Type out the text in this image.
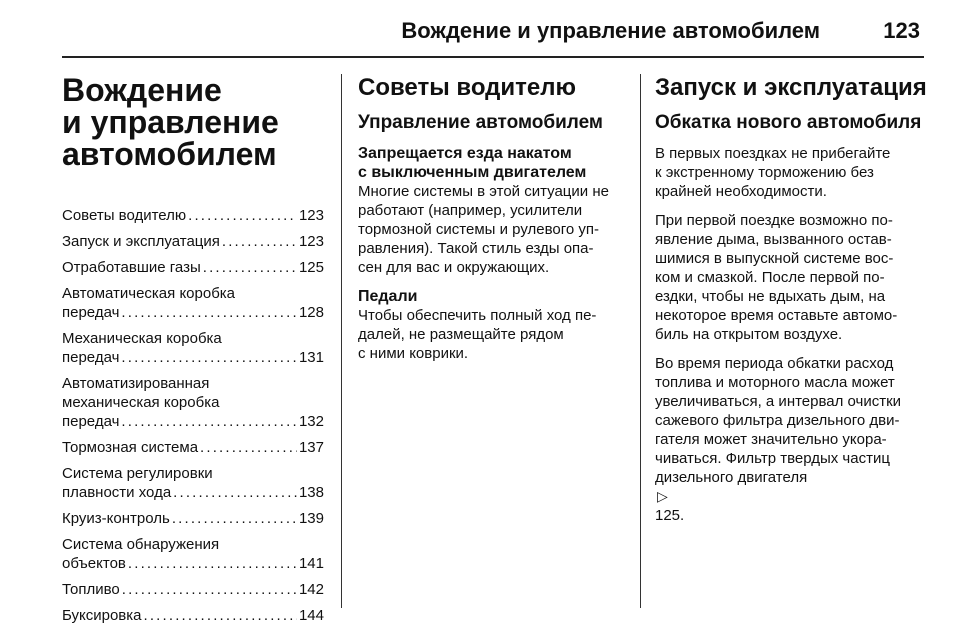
Вождение и управление автомобилем	123
Вождение
и управление
автомобилем
Советы водителю . . .	123
Запуск и эксплуатация . . .	123
Отработавшие газы . . .	125
Автоматическая коробка
передач . . .	128
Механическая коробка
передач . . .	131
Автоматизированная
механическая коробка
передач . . .	132
Тормозная система . . .	137
Система регулировки
плавности хода . . .	138
Круиз-контроль . . .	139
Система обнаружения
объектов . . .	141
Топливо . . .	142
Буксировка . . .	144
Советы водителю
Управление автомобилем
Запрещается езда накатом
с выключенным двигателем

Многие системы в этой ситуации не
работают (например, усилители
тормозной системы и рулевого уп-
равления). Такой стиль езды опа-
сен для вас и окружающих.

Педали

Чтобы обеспечить полный ход пе-
далей, не размещайте рядом
с ними коврики.

Запуск и эксплуатация
Обкатка нового автомобиля

В первых поездках не прибегайте
к экстренному торможению без
крайней необходимости.

При первой поездке возможно по-
явление дыма, вызванного остав-
шимися в выпускной системе вос-
ком и смазкой. После первой по-
ездки, чтобы не вдыхать дым, на
некоторое время оставьте автомо-
биль на открытом воздухе.

Во время периода обкатки расход
топлива и моторного масла может
увеличиваться, а интервал очистки
сажевого фильтра дизельного дви-
гателя может значительно укора-
чиваться. Фильтр твердых частиц
дизельного двигателя
▷
125.
